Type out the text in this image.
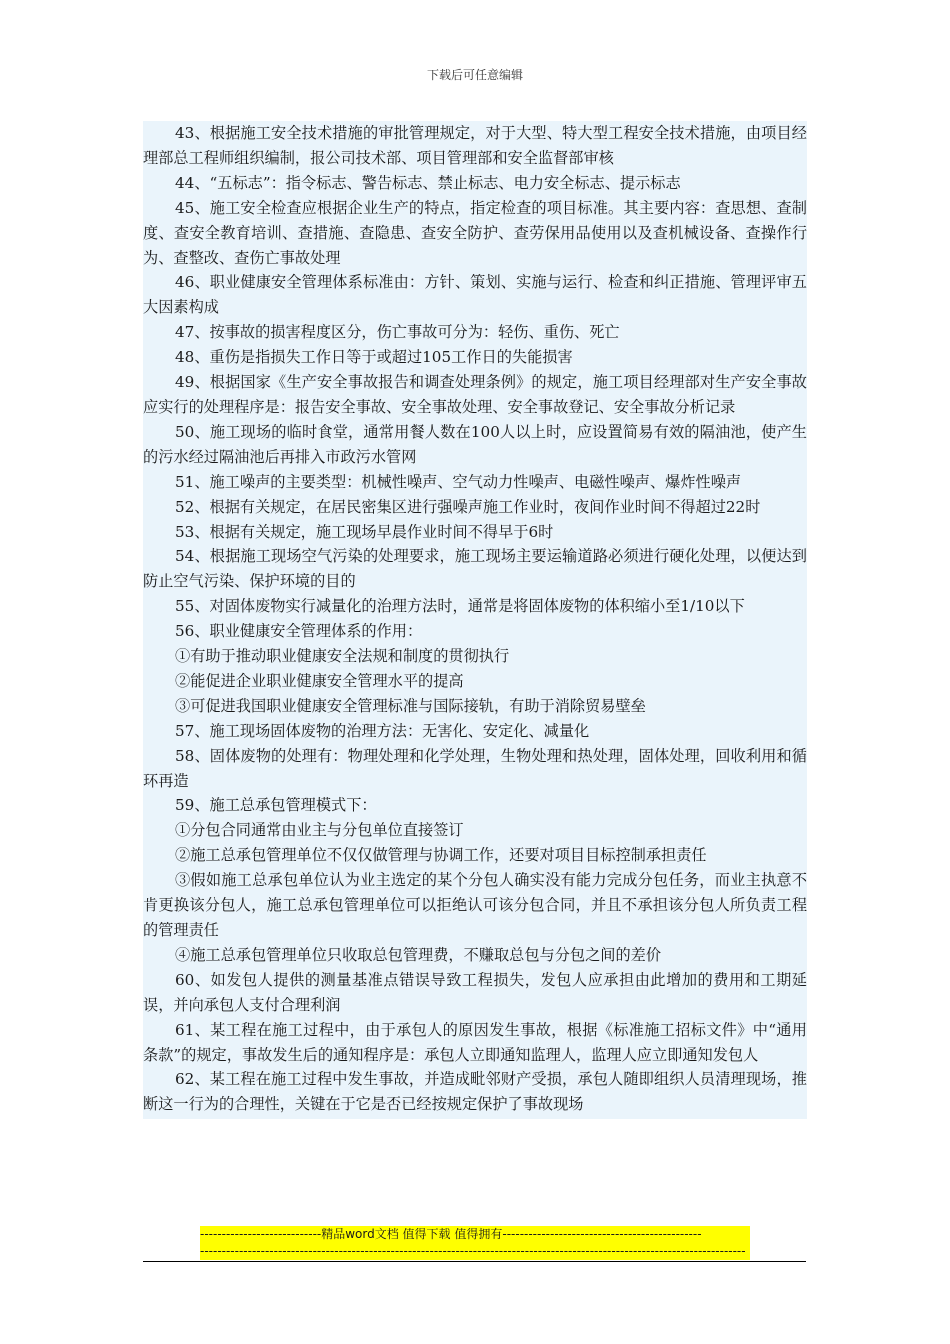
下载后可任意编辑

43、根据施工安全技术措施的审批管理规定，对于大型、特大型工程安全技术措施，由项目经理部总工程师组织编制，报公司技术部、项目管理部和安全监督部审核

44、“五标志”：指令标志、警告标志、禁止标志、电力安全标志、提示标志

45、施工安全检查应根据企业生产的特点，指定检查的项目标准。其主要内容：查思想、查制度、查安全教育培训、查措施、查隐患、查安全防护、查劳保用品使用以及查机械设备、查操作行为、查整改、查伤亡事故处理

46、职业健康安全管理体系标准由：方针、策划、实施与运行、检查和纠正措施、管理评审五大因素构成

47、按事故的损害程度区分，伤亡事故可分为：轻伤、重伤、死亡

48、重伤是指损失工作日等于或超过105工作日的失能损害

49、根据国家《生产安全事故报告和调查处理条例》的规定，施工项目经理部对生产安全事故应实行的处理程序是：报告安全事故、安全事故处理、安全事故登记、安全事故分析记录

50、施工现场的临时食堂，通常用餐人数在100人以上时，应设置简易有效的隔油池，使产生的污水经过隔油池后再排入市政污水管网

51、施工噪声的主要类型：机械性噪声、空气动力性噪声、电磁性噪声、爆炸性噪声

52、根据有关规定，在居民密集区进行强噪声施工作业时，夜间作业时间不得超过22时

53、根据有关规定，施工现场早晨作业时间不得早于6时

54、根据施工现场空气污染的处理要求，施工现场主要运输道路必须进行硬化处理，以便达到防止空气污染、保护环境的目的

55、对固体废物实行减量化的治理方法时，通常是将固体废物的体积缩小至1/10以下

56、职业健康安全管理体系的作用：

①有助于推动职业健康安全法规和制度的贯彻执行

②能促进企业职业健康安全管理水平的提高

③可促进我国职业健康安全管理标准与国际接轨，有助于消除贸易壁垒

57、施工现场固体废物的治理方法：无害化、安定化、减量化

58、固体废物的处理有：物理处理和化学处理，生物处理和热处理，固体处理，回收利用和循环再造

59、施工总承包管理模式下：

①分包合同通常由业主与分包单位直接签订

②施工总承包管理单位不仅仅做管理与协调工作，还要对项目目标控制承担责任

③假如施工总承包单位认为业主选定的某个分包人确实没有能力完成分包任务，而业主执意不肯更换该分包人，施工总承包管理单位可以拒绝认可该分包合同，并且不承担该分包人所负责工程的管理责任

④施工总承包管理单位只收取总包管理费，不赚取总包与分包之间的差价

60、如发包人提供的测量基准点错误导致工程损失，发包人应承担由此增加的费用和工期延误，并向承包人支付合理利润

61、某工程在施工过程中，由于承包人的原因发生事故，根据《标准施工招标文件》中“通用条款”的规定，事故发生后的通知程序是：承包人立即通知监理人，监理人应立即通知发包人

62、某工程在施工过程中发生事故，并造成毗邻财产受损，承包人随即组织人员清理现场，推断这一行为的合理性，关键在于它是否已经按规定保护了事故现场

----------------------------精品word文档 值得下载 值得拥有----------------------------------------------
------------------------------------------------------------------------------------------------------------------------------
